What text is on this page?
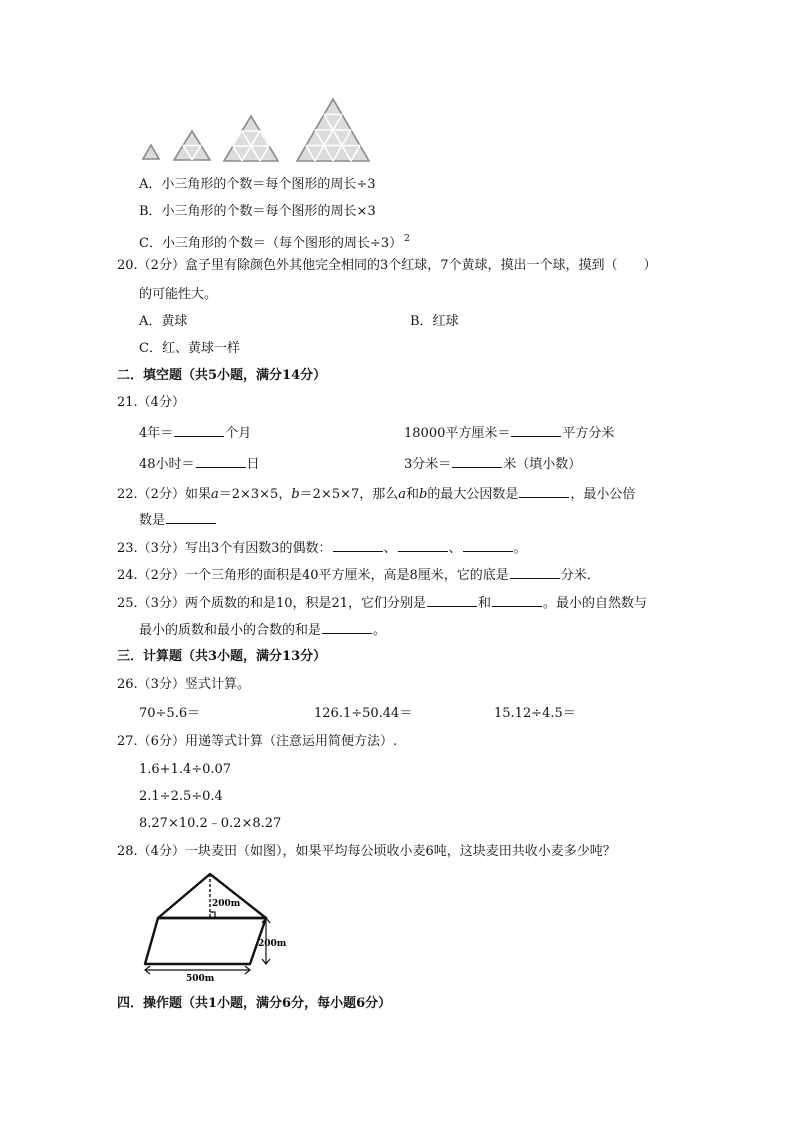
A．小三角形的个数＝每个图形的周长÷3
B．小三角形的个数＝每个图形的周长×3
C．小三角形的个数＝（每个图形的周长÷3） $^2$
20.（2分）盒子里有除颜色外其他完全相同的3个红球，7个黄球，摸出一个球，摸到（　　）
的可能性大。
A．黄球	B．红球
C．红、黄球一样
二．填空题（共5小题，满分14分）
21.（4分）
4年＝	个月	18000平方厘米＝	平方分米
48小时＝	日	3分米＝	米（填小数）
22.（2分）如果a＝2×3×5，b＝2×5×7，那么a和b的最大公因数是	，最小公倍
数是
23.（3分）写出3个有因数3的偶数：	、	、	。
24.（2分）一个三角形的面积是40平方厘米，高是8厘米，它的底是	分米．
25.（3分）两个质数的和是10，积是21，它们分别是	和	。最小的自然数与
最小的质数和最小的合数的和是	。
三．计算题（共3小题，满分13分）
26.（3分）竖式计算。
70÷5.6＝	126.1÷50.44＝	15.12÷4.5＝
27.（6分）用递等式计算（注意运用简便方法）.
1.6+1.4÷0.07
2.1÷2.5÷0.4
8.27×10.2﹣0.2×8.27
28.（4分）一块麦田（如图），如果平均每公顷收小麦6吨，这块麦田共收小麦多少吨？
200m
200m
500m
四．操作题（共1小题，满分6分，每小题6分）
